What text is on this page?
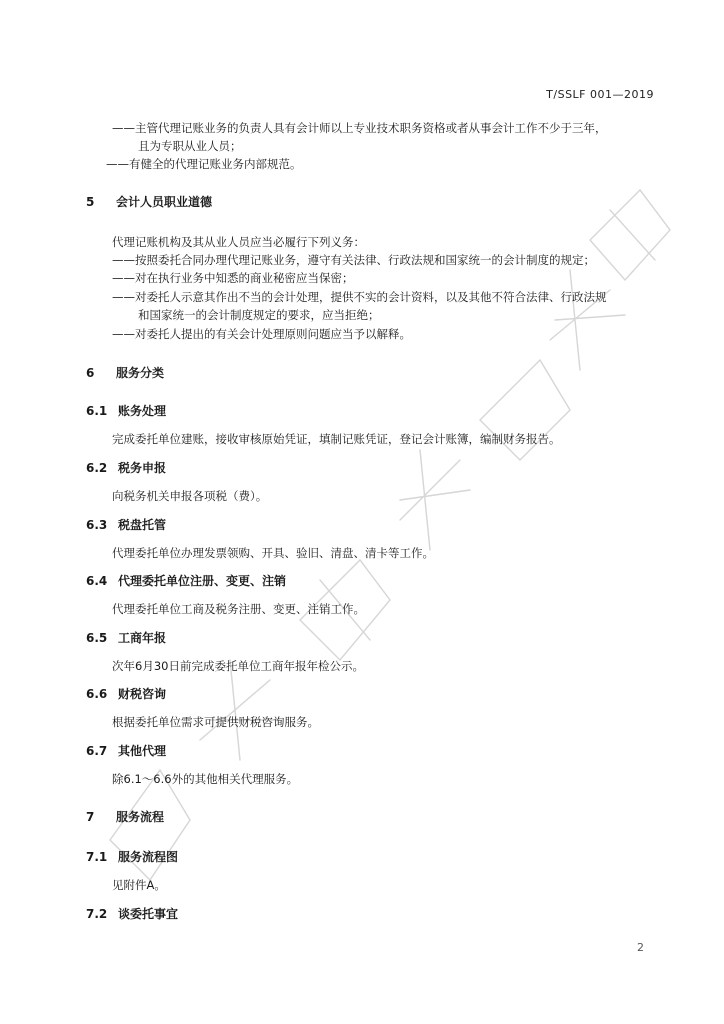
T/SSLF 001—2019
——主管代理记账业务的负责人具有会计师以上专业技术职务资格或者从事会计工作不少于三年，
且为专职从业人员；
——有健全的代理记账业务内部规范。
5 会计人员职业道德
代理记账机构及其从业人员应当必履行下列义务：
——按照委托合同办理代理记账业务，遵守有关法律、行政法规和国家统一的会计制度的规定；
——对在执行业务中知悉的商业秘密应当保密；
——对委托人示意其作出不当的会计处理，提供不实的会计资料，以及其他不符合法律、行政法规
和国家统一的会计制度规定的要求，应当拒绝；
——对委托人提出的有关会计处理原则问题应当予以解释。
6 服务分类
6.1 账务处理
完成委托单位建账，接收审核原始凭证，填制记账凭证，登记会计账簿，编制财务报告。
6.2 税务申报
向税务机关申报各项税（费）。
6.3 税盘托管
代理委托单位办理发票领购、开具、验旧、清盘、清卡等工作。
6.4 代理委托单位注册、变更、注销
代理委托单位工商及税务注册、变更、注销工作。
6.5 工商年报
次年6月30日前完成委托单位工商年报年检公示。
6.6 财税咨询
根据委托单位需求可提供财税咨询服务。
6.7 其他代理
除6.1～6.6外的其他相关代理服务。
7 服务流程
7.1 服务流程图
见附件A。
7.2 谈委托事宜
2
